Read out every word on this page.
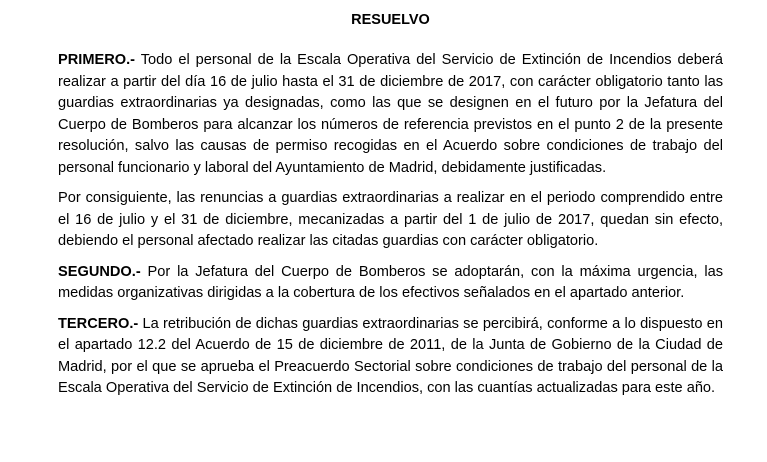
RESUELVO

PRIMERO.- Todo el personal de la Escala Operativa del Servicio de Extinción de Incendios deberá realizar a partir del día 16 de julio hasta el 31 de diciembre de 2017, con carácter obligatorio tanto las guardias extraordinarias ya designadas, como las que se designen en el futuro por la Jefatura del Cuerpo de Bomberos para alcanzar los números de referencia previstos en el punto 2 de la presente resolución, salvo las causas de permiso recogidas en el Acuerdo sobre condiciones de trabajo del personal funcionario y laboral del Ayuntamiento de Madrid, debidamente justificadas.

Por consiguiente, las renuncias a guardias extraordinarias a realizar en el periodo comprendido entre el 16 de julio y el 31 de diciembre, mecanizadas a partir del 1 de julio de 2017, quedan sin efecto, debiendo el personal afectado realizar las citadas guardias con carácter obligatorio.

SEGUNDO.- Por la Jefatura del Cuerpo de Bomberos se adoptarán, con la máxima urgencia, las medidas organizativas dirigidas a la cobertura de los efectivos señalados en el apartado anterior.

TERCERO.- La retribución de dichas guardias extraordinarias se percibirá, conforme a lo dispuesto en el apartado 12.2 del Acuerdo de 15 de diciembre de 2011, de la Junta de Gobierno de la Ciudad de Madrid, por el que se aprueba el Preacuerdo Sectorial sobre condiciones de trabajo del personal de la Escala Operativa del Servicio de Extinción de Incendios, con las cuantías actualizadas para este año.
